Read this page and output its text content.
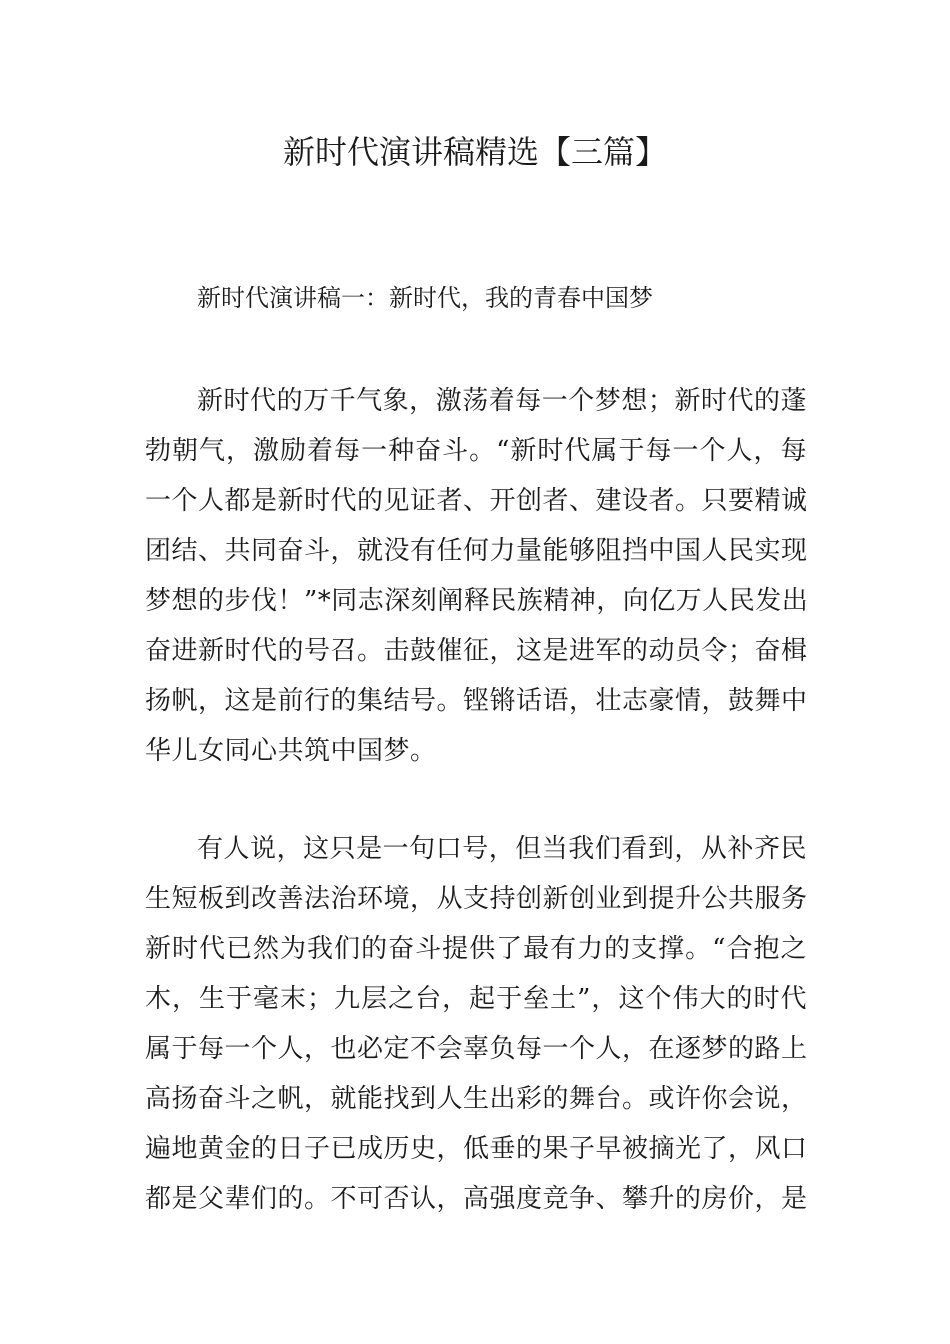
新时代演讲稿精选【三篇】

新时代演讲稿一：新时代，我的青春中国梦

新时代的万千气象，激荡着每一个梦想；新时代的蓬
勃朝气，激励着每一种奋斗。“新时代属于每一个人，每
一个人都是新时代的见证者、开创者、建设者。只要精诚
团结、共同奋斗，就没有任何力量能够阻挡中国人民实现
梦想的步伐！”*同志深刻阐释民族精神，向亿万人民发出
奋进新时代的号召。击鼓催征，这是进军的动员令；奋楫
扬帆，这是前行的集结号。铿锵话语，壮志豪情，鼓舞中
华儿女同心共筑中国梦。
有人说，这只是一句口号，但当我们看到，从补齐民
生短板到改善法治环境，从支持创新创业到提升公共服务
新时代已然为我们的奋斗提供了最有力的支撑。“合抱之
木，生于毫末；九层之台，起于垒土”，这个伟大的时代
属于每一个人，也必定不会辜负每一个人，在逐梦的路上
高扬奋斗之帆，就能找到人生出彩的舞台。或许你会说，
遍地黄金的日子已成历史，低垂的果子早被摘光了，风口
都是父辈们的。不可否认，高强度竞争、攀升的房价，是
